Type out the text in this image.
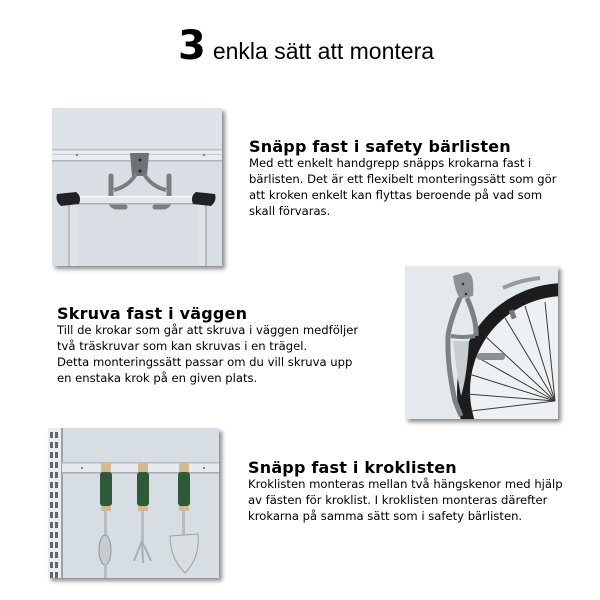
3 enkla sätt att montera
Snäpp fast i safety bärlisten

Med ett enkelt handgrepp snäpps krokarna fast i
bärlisten. Det är ett flexibelt monteringssätt som gör
att kroken enkelt kan flyttas beroende på vad som
skall förvaras.

Skruva fast i väggen

Till de krokar som går att skruva i väggen medföljer
två träskruvar som kan skruvas i en trägel.
Detta monteringssätt passar om du vill skruva upp
en enstaka krok på en given plats.

Snäpp fast i kroklisten

Kroklisten monteras mellan två hängskenor med hjälp
av fästen för kroklist. I kroklisten monteras därefter
krokarna på samma sätt som i safety bärlisten.
